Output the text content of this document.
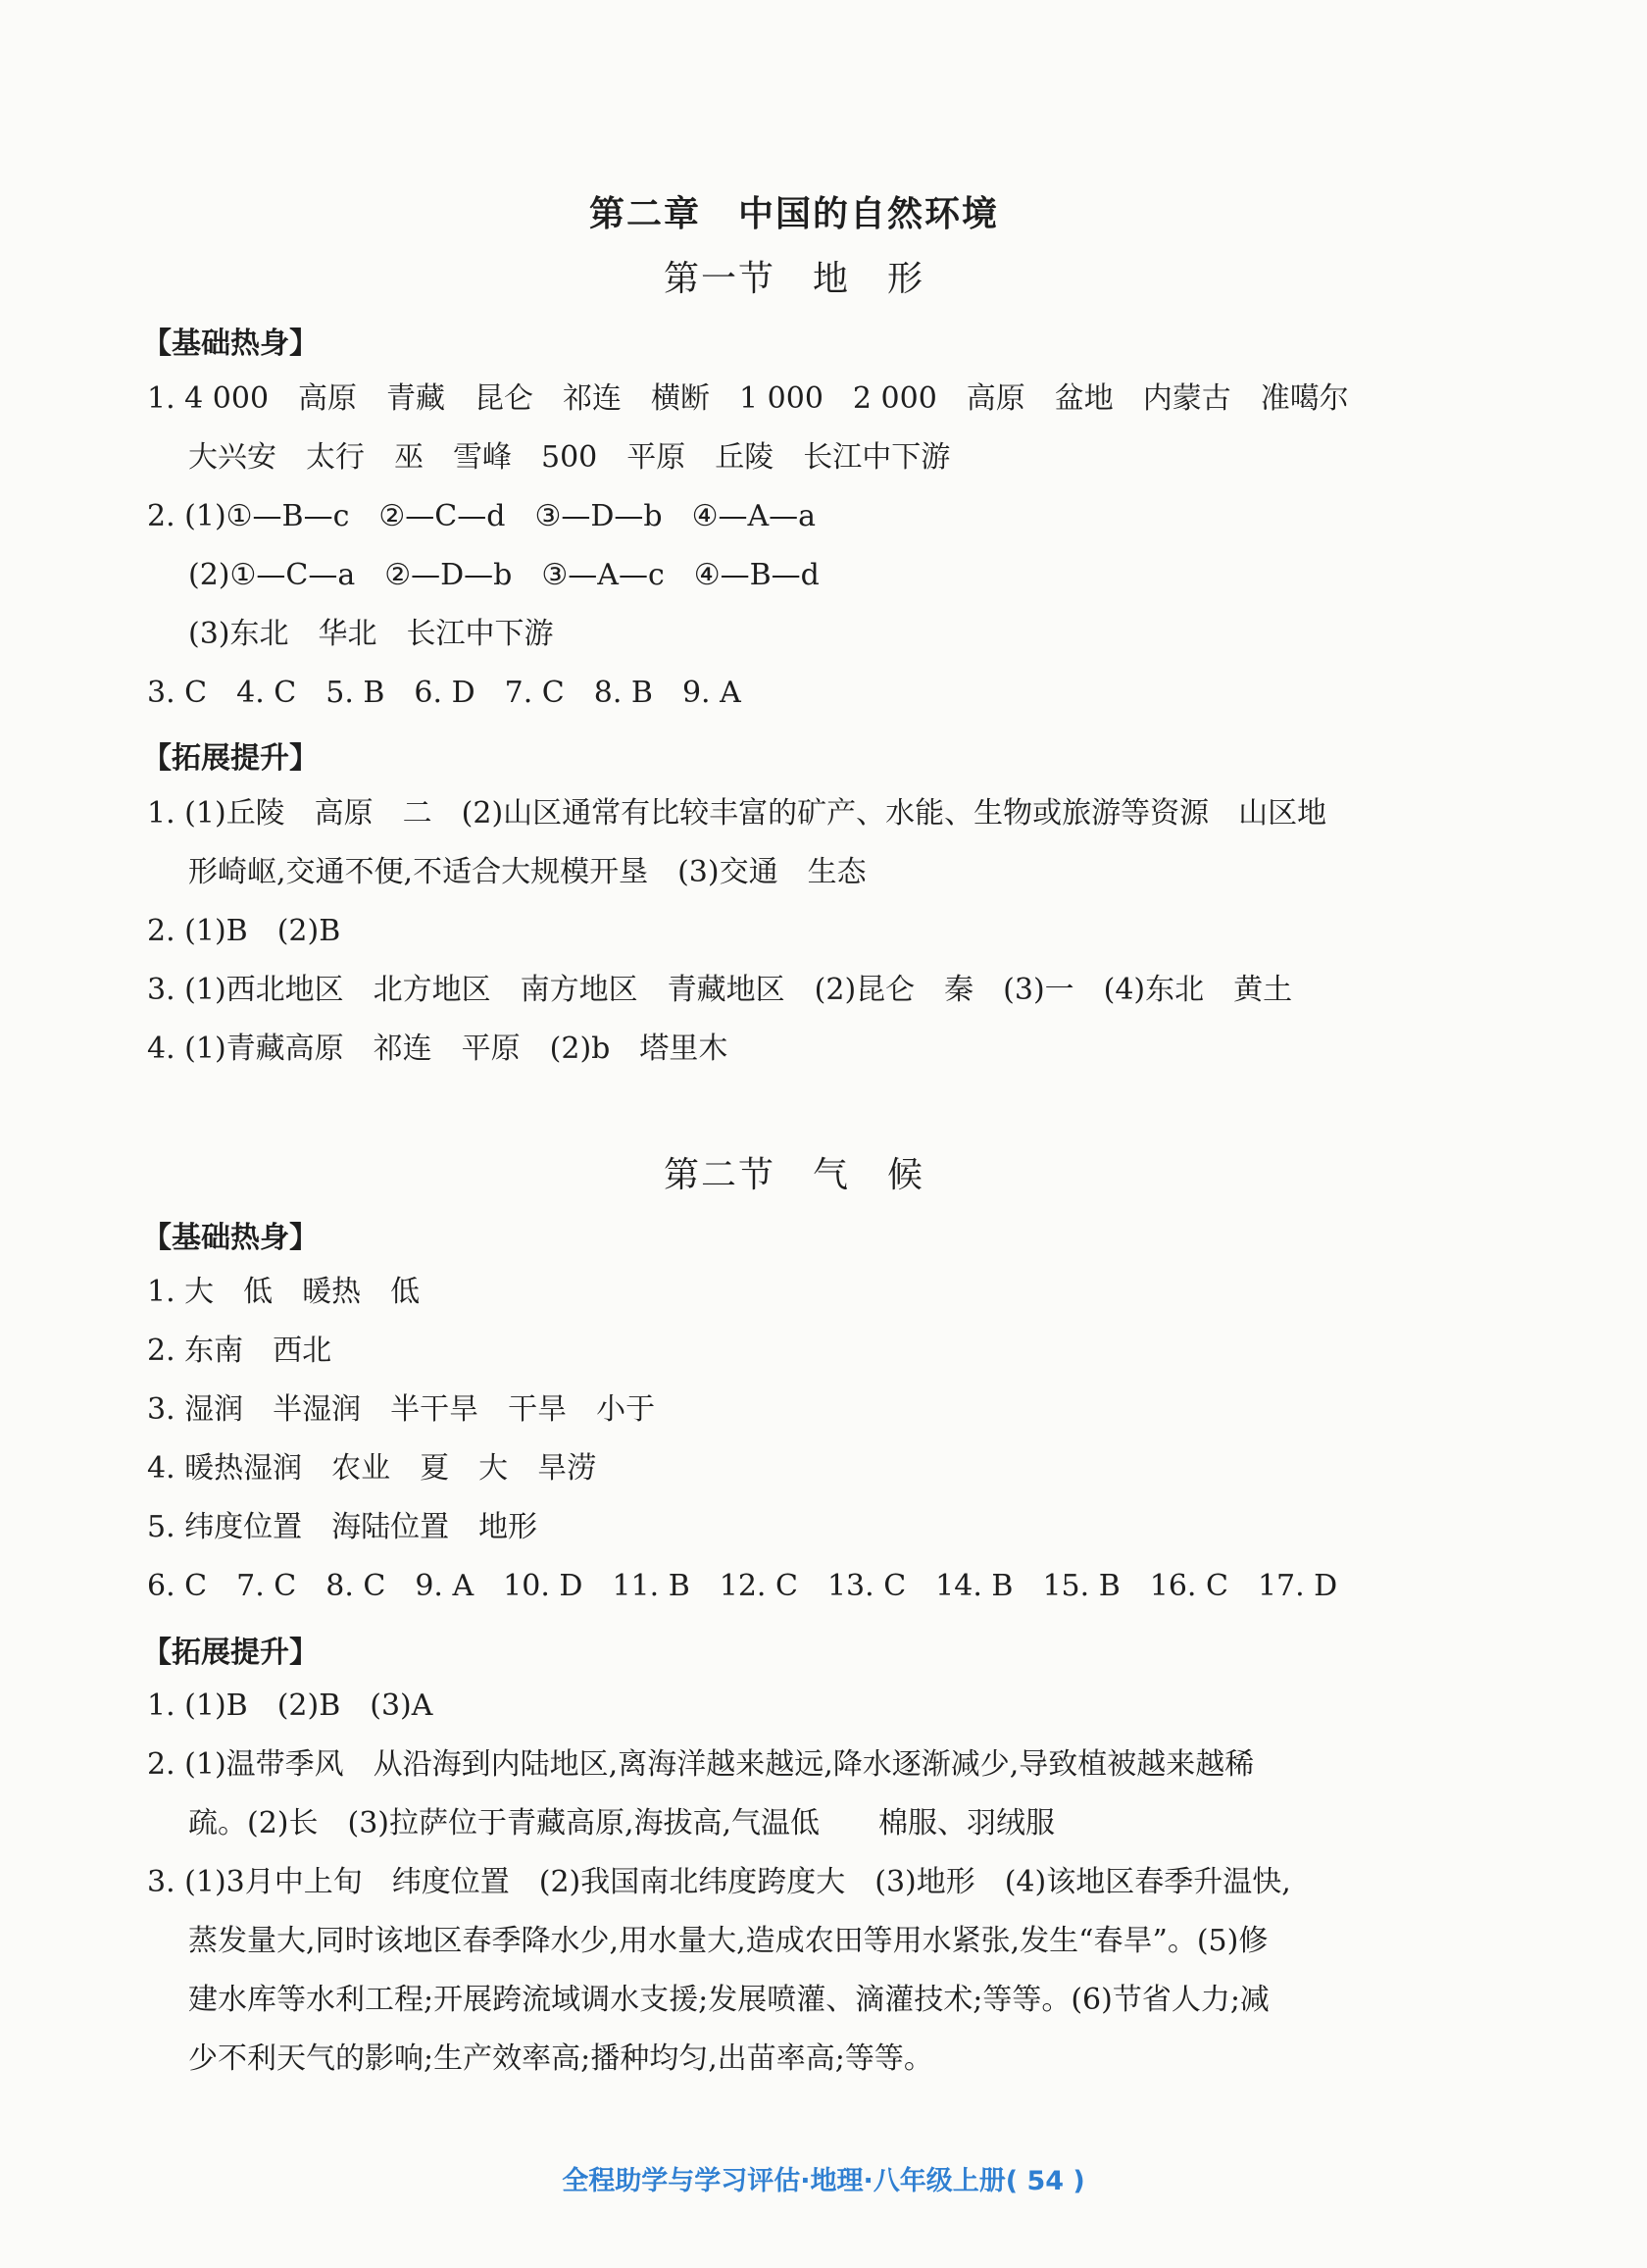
第二章　中国的自然环境
第一节　地　形
【基础热身】
1. 4 000　高原　青藏　昆仑　祁连　横断　1 000　2 000　高原　盆地　内蒙古　准噶尔
大兴安　太行　巫　雪峰　500　平原　丘陵　长江中下游
2. (1)①—B—c　②—C—d　③—D—b　④—A—a
(2)①—C—a　②—D—b　③—A—c　④—B—d
(3)东北　华北　长江中下游
3. C　4. C　5. B　6. D　7. C　8. B　9. A
【拓展提升】
1. (1)丘陵　高原　二　(2)山区通常有比较丰富的矿产、水能、生物或旅游等资源　山区地
形崎岖,交通不便,不适合大规模开垦　(3)交通　生态
2. (1)B　(2)B
3. (1)西北地区　北方地区　南方地区　青藏地区　(2)昆仑　秦　(3)一　(4)东北　黄土
4. (1)青藏高原　祁连　平原　(2)b　塔里木
第二节　气　候
【基础热身】
1. 大　低　暖热　低
2. 东南　西北
3. 湿润　半湿润　半干旱　干旱　小于
4. 暖热湿润　农业　夏　大　旱涝
5. 纬度位置　海陆位置　地形
6. C　7. C　8. C　9. A　10. D　11. B　12. C　13. C　14. B　15. B　16. C　17. D
【拓展提升】
1. (1)B　(2)B　(3)A
2. (1)温带季风　从沿海到内陆地区,离海洋越来越远,降水逐渐减少,导致植被越来越稀
疏。(2)长　(3)拉萨位于青藏高原,海拔高,气温低　　棉服、羽绒服
3. (1)3月中上旬　纬度位置　(2)我国南北纬度跨度大　(3)地形　(4)该地区春季升温快,
蒸发量大,同时该地区春季降水少,用水量大,造成农田等用水紧张,发生“春旱”。(5)修
建水库等水利工程;开展跨流域调水支援;发展喷灌、滴灌技术;等等。(6)节省人力;减
少不利天气的影响;生产效率高;播种均匀,出苗率高;等等。
全程助学与学习评估·地理·八年级上册( 54 )
